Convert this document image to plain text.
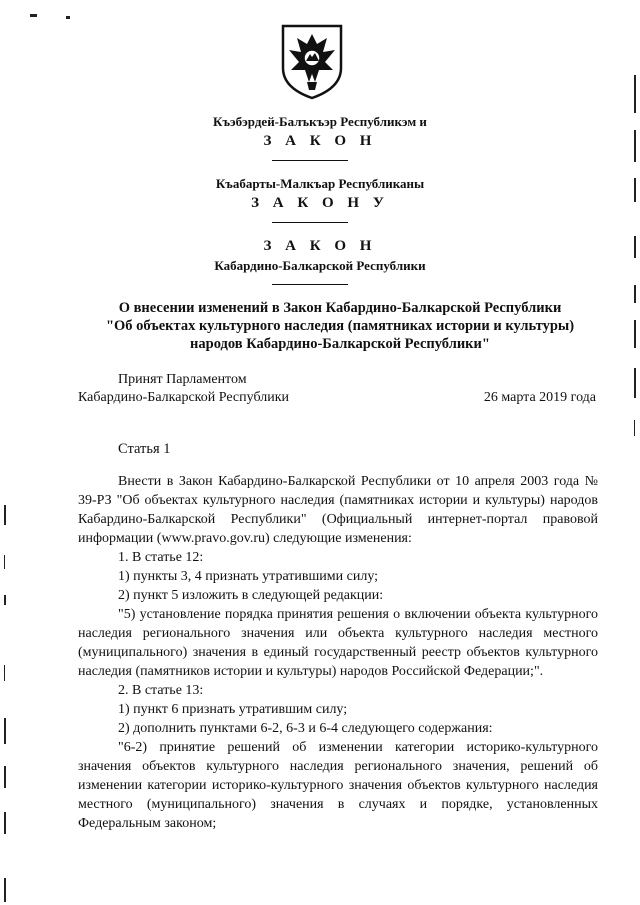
Къэбэрдей-Балъкъэр Республикэм и
З А К О Н
Къабарты-Малкъар Республиканы
З А К О Н У
З А К О Н
Кабардино-Балкарской Республики
О внесении изменений в Закон Кабардино-Балкарской Республики
"Об объектах культурного наследия (памятниках истории и культуры)
народов Кабардино-Балкарской Республики"
Принят Парламентом
Кабардино-Балкарской Республики	26 марта 2019 года
Статья 1

Внести в Закон Кабардино-Балкарской Республики от 10 апреля 2003 года № 39-РЗ "Об объектах культурного наследия (памятниках истории и культуры) народов Кабардино-Балкарской Республики" (Официальный интернет-портал правовой информации (www.pravo.gov.ru) следующие изменения:

1. В статье 12:

1) пункты 3, 4 признать утратившими силу;

2) пункт 5 изложить в следующей редакции:

"5) установление порядка принятия решения о включении объекта культурного наследия регионального значения или объекта культурного наследия местного (муниципального) значения в единый государственный реестр объектов культурного наследия (памятников истории и культуры) народов Российской Федерации;".

2. В статье 13:

1) пункт 6 признать утратившим силу;

2) дополнить пунктами 6-2, 6-3 и 6-4 следующего содержания:

"6-2) принятие решений об изменении категории историко-культурного значения объектов культурного наследия регионального значения, решений об изменении категории историко-культурного значения объектов культурного наследия местного (муниципального) значения в случаях и порядке, установленных Федеральным законом;
